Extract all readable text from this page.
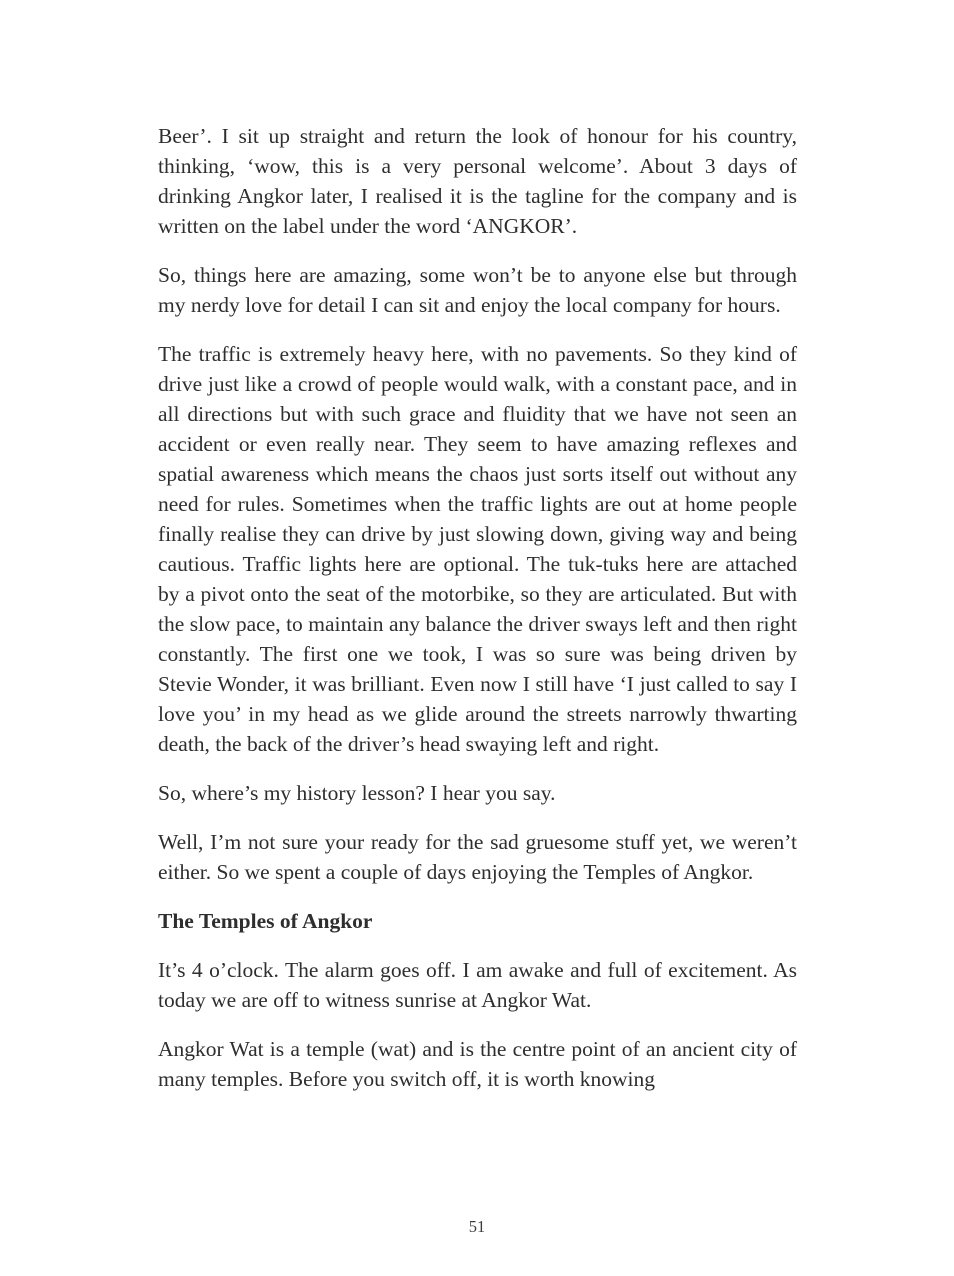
Beer’. I sit up straight and return the look of honour for his country, thinking, ‘wow, this is a very personal welcome’. About 3 days of drinking Angkor later, I realised it is the tagline for the company and is written on the label under the word ‘ANGKOR’.

So, things here are amazing, some won’t be to anyone else but through my nerdy love for detail I can sit and enjoy the local company for hours.

The traffic is extremely heavy here, with no pavements. So they kind of drive just like a crowd of people would walk, with a constant pace, and in all directions but with such grace and fluidity that we have not seen an accident or even really near. They seem to have amazing reflexes and spatial awareness which means the chaos just sorts itself out without any need for rules. Sometimes when the traffic lights are out at home people finally realise they can drive by just slowing down, giving way and being cautious. Traffic lights here are optional. The tuk-tuks here are attached by a pivot onto the seat of the motorbike, so they are articulated. But with the slow pace, to maintain any balance the driver sways left and then right constantly. The first one we took, I was so sure was being driven by Stevie Wonder, it was brilliant. Even now I still have ‘I just called to say I love you’ in my head as we glide around the streets narrowly thwarting death, the back of the driver’s head swaying left and right.

So, where’s my history lesson? I hear you say.

Well, I’m not sure your ready for the sad gruesome stuff yet, we weren’t either. So we spent a couple of days enjoying the Temples of Angkor.

The Temples of Angkor

It’s 4 o’clock. The alarm goes off. I am awake and full of excitement. As today we are off to witness sunrise at Angkor Wat.

Angkor Wat is a temple (wat) and is the centre point of an ancient city of many temples. Before you switch off, it is worth knowing

51
